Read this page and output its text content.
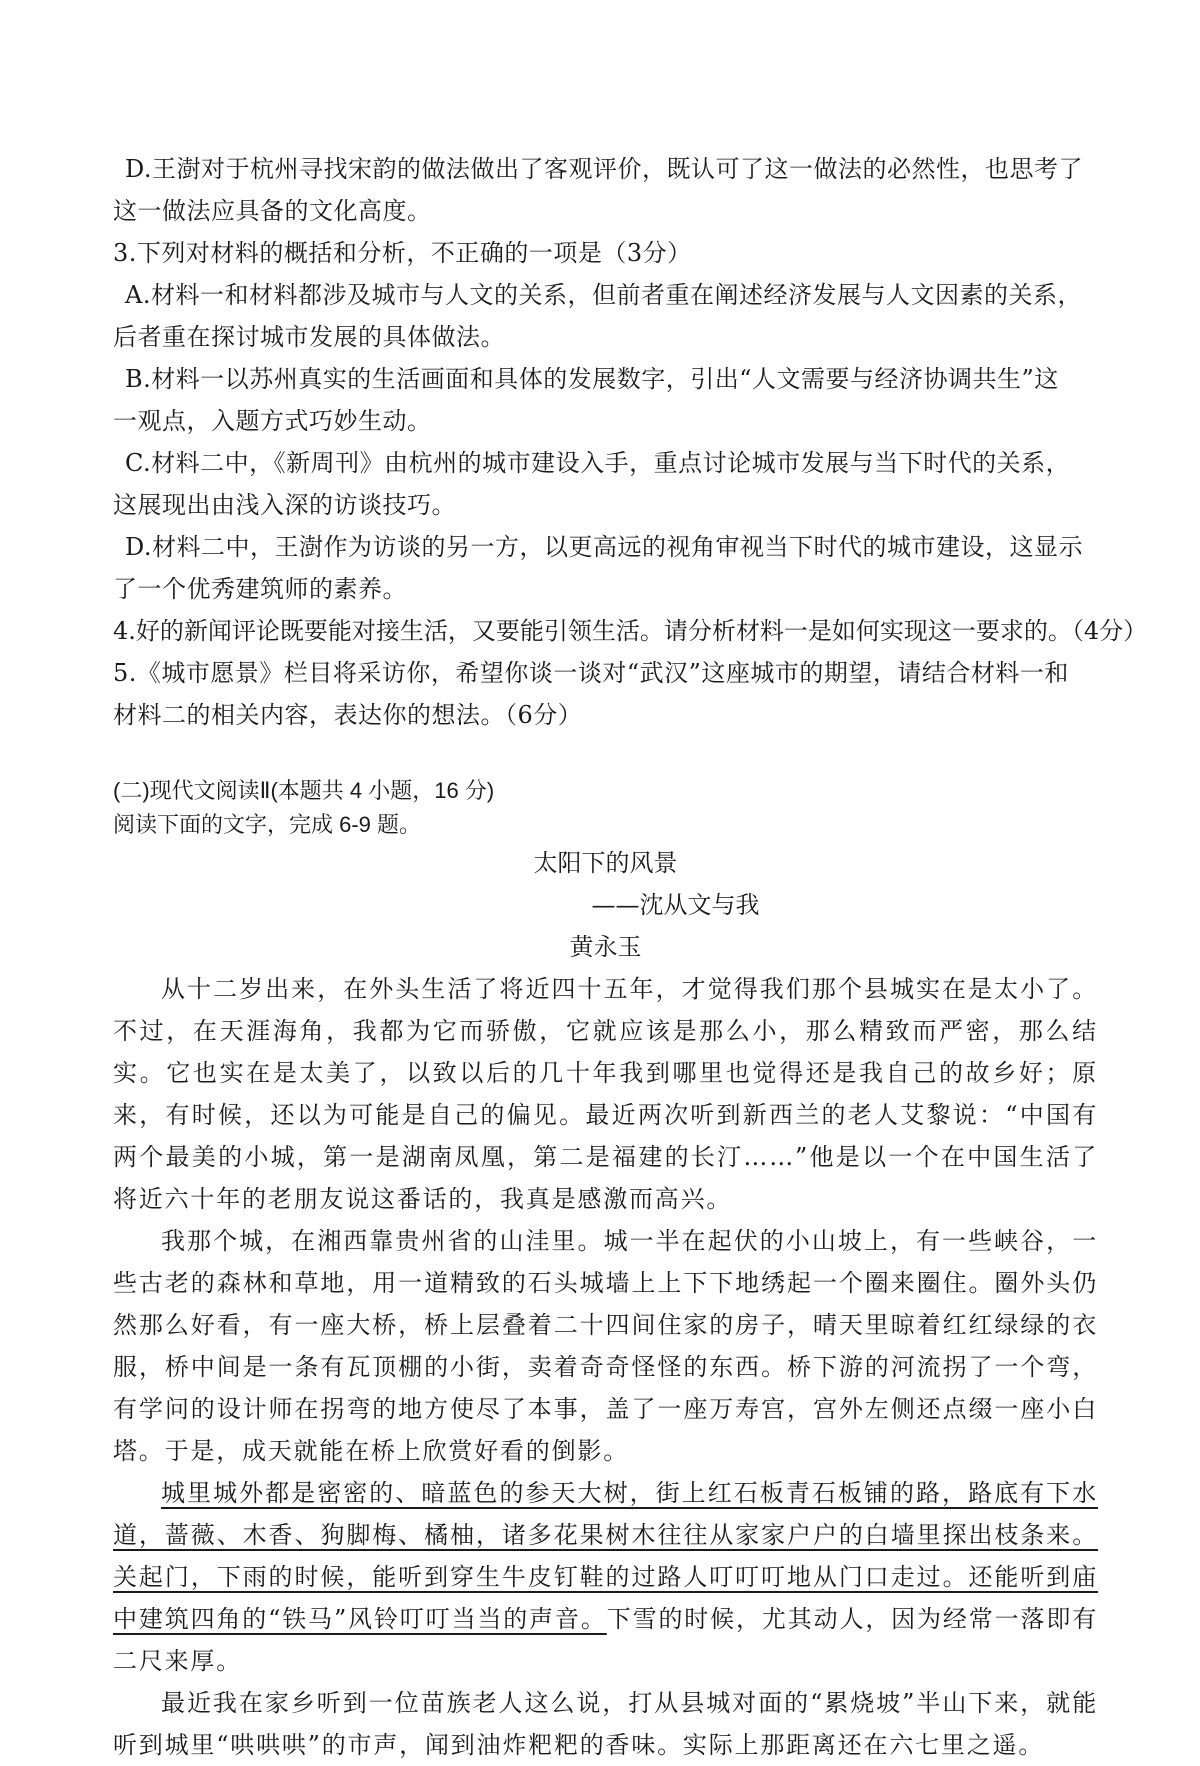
D.王澍对于杭州寻找宋韵的做法做出了客观评价，既认可了这一做法的必然性，也思考了
这一做法应具备的文化高度。
3.下列对材料的概括和分析，不正确的一项是（3分）
A.材料一和材料都涉及城市与人文的关系，但前者重在阐述经济发展与人文因素的关系，
后者重在探讨城市发展的具体做法。
B.材料一以苏州真实的生活画面和具体的发展数字，引出“人文需要与经济协调共生”这
一观点，入题方式巧妙生动。
C.材料二中，《新周刊》由杭州的城市建设入手，重点讨论城市发展与当下时代的关系，
这展现出由浅入深的访谈技巧。
D.材料二中，王澍作为访谈的另一方，以更高远的视角审视当下时代的城市建设，这显示
了一个优秀建筑师的素养。
4.好的新闻评论既要能对接生活，又要能引领生活。请分析材料一是如何实现这一要求的。（4分）
5.《城市愿景》栏目将采访你，希望你谈一谈对“武汉”这座城市的期望，请结合材料一和
材料二的相关内容，表达你的想法。（6分）
(二)现代文阅读Ⅱ(本题共 4 小题，16 分)
阅读下面的文字，完成 6-9 题。
太阳下的风景
——沈从文与我
黄永玉

从十二岁出来，在外头生活了将近四十五年，才觉得我们那个县城实在是太小了。不过，在天涯海角，我都为它而骄傲，它就应该是那么小，那么精致而严密，那么结实。它也实在是太美了，以致以后的几十年我到哪里也觉得还是我自己的故乡好；原来，有时候，还以为可能是自己的偏见。最近两次听到新西兰的老人艾黎说：“中国有两个最美的小城，第一是湖南凤凰，第二是福建的长汀……”他是以一个在中国生活了将近六十年的老朋友说这番话的，我真是感激而高兴。

我那个城，在湘西靠贵州省的山洼里。城一半在起伏的小山坡上，有一些峡谷，一些古老的森林和草地，用一道精致的石头城墙上上下下地绣起一个圈来圈住。圈外头仍然那么好看，有一座大桥，桥上层叠着二十四间住家的房子，晴天里晾着红红绿绿的衣服，桥中间是一条有瓦顶棚的小街，卖着奇奇怪怪的东西。桥下游的河流拐了一个弯，有学问的设计师在拐弯的地方使尽了本事，盖了一座万寿宫，宫外左侧还点缀一座小白塔。于是，成天就能在桥上欣赏好看的倒影。

城里城外都是密密的、暗蓝色的参天大树，街上红石板青石板铺的路，路底有下水道，蔷薇、木香、狗脚梅、橘柚，诸多花果树木往往从家家户户的白墙里探出枝条来。关起门，下雨的时候，能听到穿生牛皮钉鞋的过路人叮叮叮地从门口走过。还能听到庙中建筑四角的“铁马”风铃叮叮当当的声音。下雪的时候，尤其动人，因为经常一落即有二尺来厚。

最近我在家乡听到一位苗族老人这么说，打从县城对面的“累烧坡”半山下来，就能听到城里“哄哄哄”的市声，闻到油炸粑粑的香味。实际上那距离还在六七里之遥。
